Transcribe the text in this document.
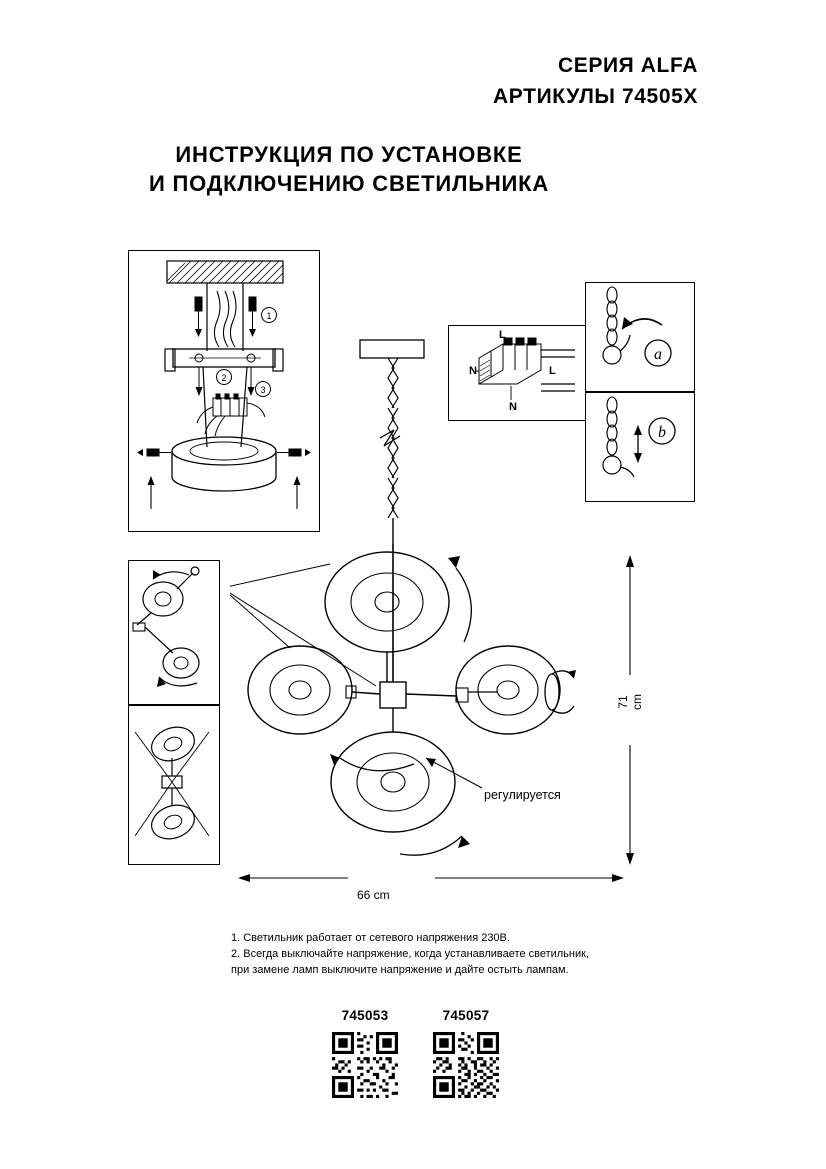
СЕРИЯ ALFA
АРТИКУЛЫ 74505X
ИНСТРУКЦИЯ ПО УСТАНОВКЕ
И ПОДКЛЮЧЕНИЮ СВЕТИЛЬНИКА
1
2
3
L
L
N
N
a
b
71 cm
66 cm
регулируется
1. Светильник работает от сетевого напряжения 230В.
2. Всегда выключайте напряжение, когда устанавливаете светильник,
при замене ламп выключите напряжение и дайте остыть лампам.
745053	745057
